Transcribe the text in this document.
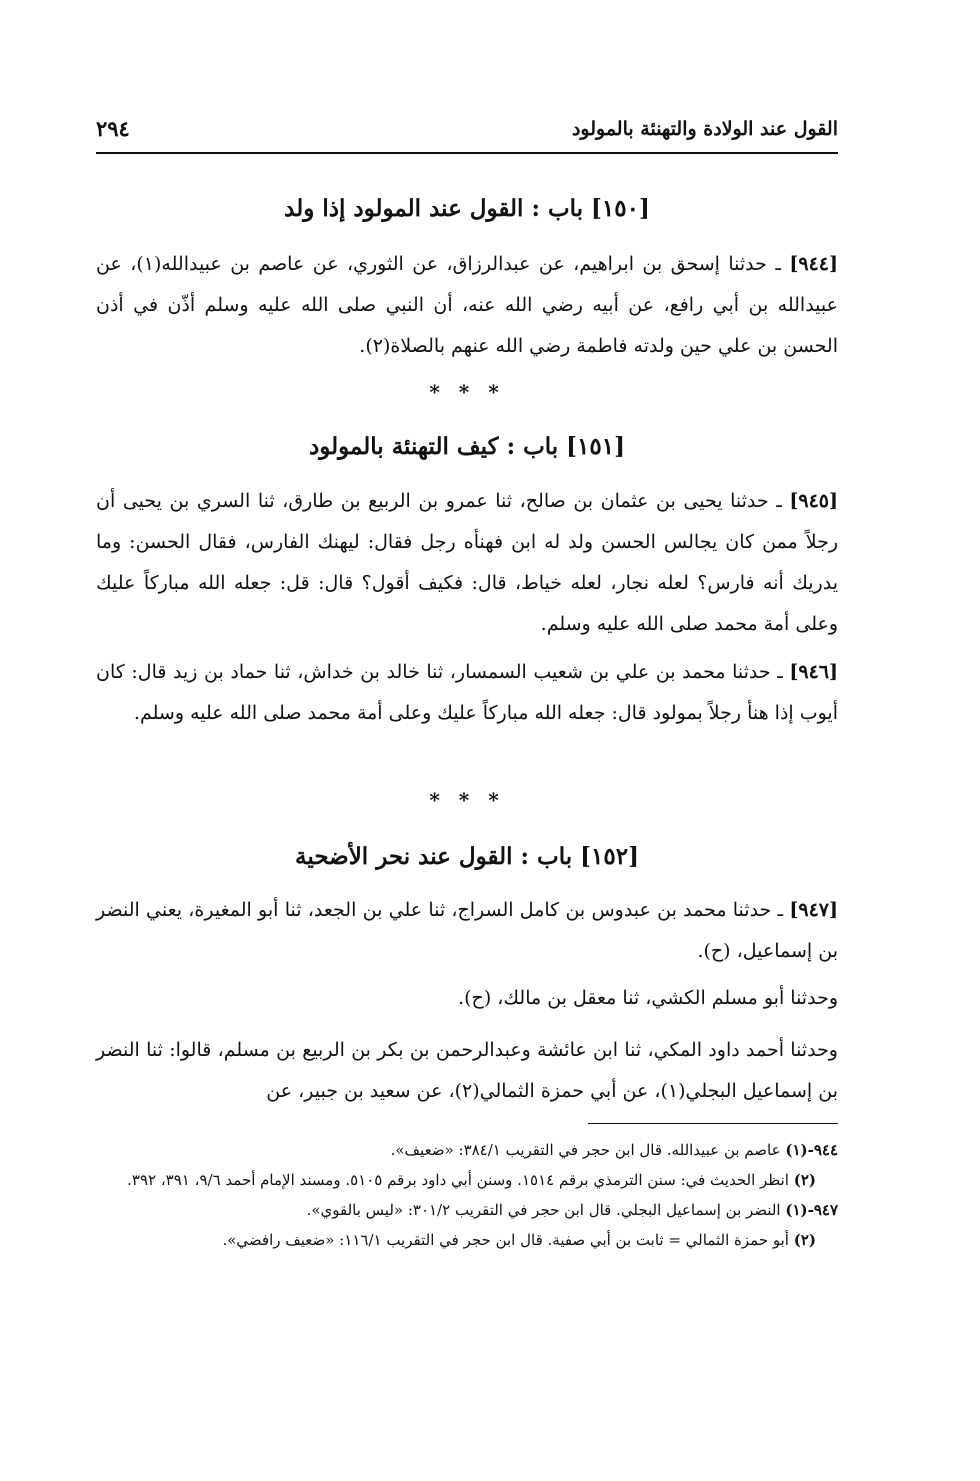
القول عند الولادة والتهنئة بالمولود
٢٩٤
[١٥٠] باب : القول عند المولود إذا ولد

[٩٤٤] ـ حدثنا إسحق بن ابراهيم، عن عبدالرزاق، عن الثوري، عن عاصم بن عبيدالله(١)، عن عبيدالله بن أبي رافع، عن أبيه رضي الله عنه، أن النبي صلى الله عليه وسلم أذّن في أذن الحسن بن علي حين ولدته فاطمة رضي الله عنهم بالصلاة(٢).

* * *
[١٥١] باب : كيف التهنئة بالمولود

[٩٤٥] ـ حدثنا يحيى بن عثمان بن صالح، ثنا عمرو بن الربيع بن طارق، ثنا السري بن يحيى أن رجلاً ممن كان يجالس الحسن ولد له ابن فهنأه رجل فقال: ليهنك الفارس، فقال الحسن: وما يدريك أنه فارس؟ لعله نجار، لعله خياط، قال: فكيف أقول؟ قال: قل: جعله الله مباركاً عليك وعلى أمة محمد صلى الله عليه وسلم.

[٩٤٦] ـ حدثنا محمد بن علي بن شعيب السمسار، ثنا خالد بن خداش، ثنا حماد بن زيد قال: كان أيوب إذا هنأ رجلاً بمولود قال: جعله الله مباركاً عليك وعلى أمة محمد صلى الله عليه وسلم.

* * *
[١٥٢] باب : القول عند نحر الأضحية

[٩٤٧] ـ حدثنا محمد بن عبدوس بن كامل السراج، ثنا علي بن الجعد، ثنا أبو المغيرة، يعني النضر بن إسماعيل، (ح).

وحدثنا أبو مسلم الكشي، ثنا معقل بن مالك، (ح).

وحدثنا أحمد داود المكي، ثنا ابن عائشة وعبدالرحمن بن بكر بن الربيع بن مسلم، قالوا: ثنا النضر بن إسماعيل البجلي(١)، عن أبي حمزة الثمالي(٢)، عن سعيد بن جبير، عن

٩٤٤-(١) عاصم بن عبيدالله. قال ابن حجر في التقريب ٣٨٤/١: «ضعيف».

(٢) انظر الحديث في: سنن الترمذي برقم ١٥١٤. وسنن أبي داود برقم ٥١٠٥. ومسند الإمام أحمد ٩/٦، ٣٩١، ٣٩٢.

٩٤٧-(١) النضر بن إسماعيل البجلي. قال ابن حجر في التقريب ٣٠١/٢: «ليس بالقوي».

(٢) أبو حمزة الثمالي = ثابت بن أبي صفية. قال ابن حجر في التقريب ١١٦/١: «ضعيف رافضي».
